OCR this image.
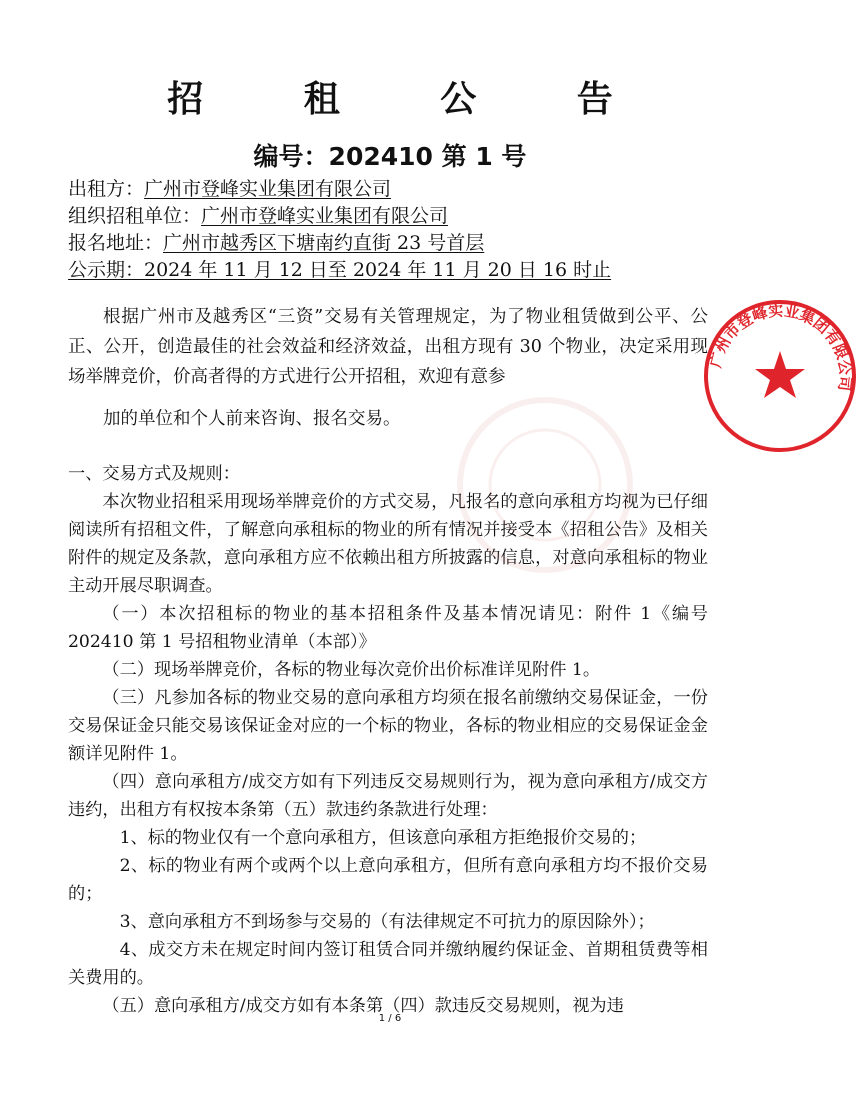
招 租 公 告
编号：202410 第 1 号
出租方：广州市登峰实业集团有限公司
组织招租单位：广州市登峰实业集团有限公司
报名地址：广州市越秀区下塘南约直街 23 号首层
公示期：2024 年 11 月 12 日至 2024 年 11 月 20 日 16 时止

根据广州市及越秀区“三资”交易有关管理规定，为了物业租赁做到公平、公正、公开，创造最佳的社会效益和经济效益，出租方现有 30 个物业，决定采用现场举牌竞价，价高者得的方式进行公开招租，欢迎有意参

加的单位和个人前来咨询、报名交易。

一、交易方式及规则：

本次物业招租采用现场举牌竞价的方式交易，凡报名的意向承租方均视为已仔细阅读所有招租文件，了解意向承租标的物业的所有情况并接受本《招租公告》及相关附件的规定及条款，意向承租方应不依赖出租方所披露的信息，对意向承租标的物业主动开展尽职调查。

（一）本次招租标的物业的基本招租条件及基本情况请见：附件 1《编号 202410 第 1 号招租物业清单（本部）》

（二）现场举牌竞价，各标的物业每次竞价出价标准详见附件 1。

（三）凡参加各标的物业交易的意向承租方均须在报名前缴纳交易保证金，一份交易保证金只能交易该保证金对应的一个标的物业，各标的物业相应的交易保证金金额详见附件 1。

（四）意向承租方/成交方如有下列违反交易规则行为，视为意向承租方/成交方违约，出租方有权按本条第（五）款违约条款进行处理：

1、标的物业仅有一个意向承租方，但该意向承租方拒绝报价交易的；

2、标的物业有两个或两个以上意向承租方，但所有意向承租方均不报价交易的；

3、意向承租方不到场参与交易的（有法律规定不可抗力的原因除外）；

4、成交方未在规定时间内签订租赁合同并缴纳履约保证金、首期租赁费等相关费用的。

（五）意向承租方/成交方如有本条第（四）款违反交易规则，视为违

1 / 6
广州市登峰实业集团有限公司
